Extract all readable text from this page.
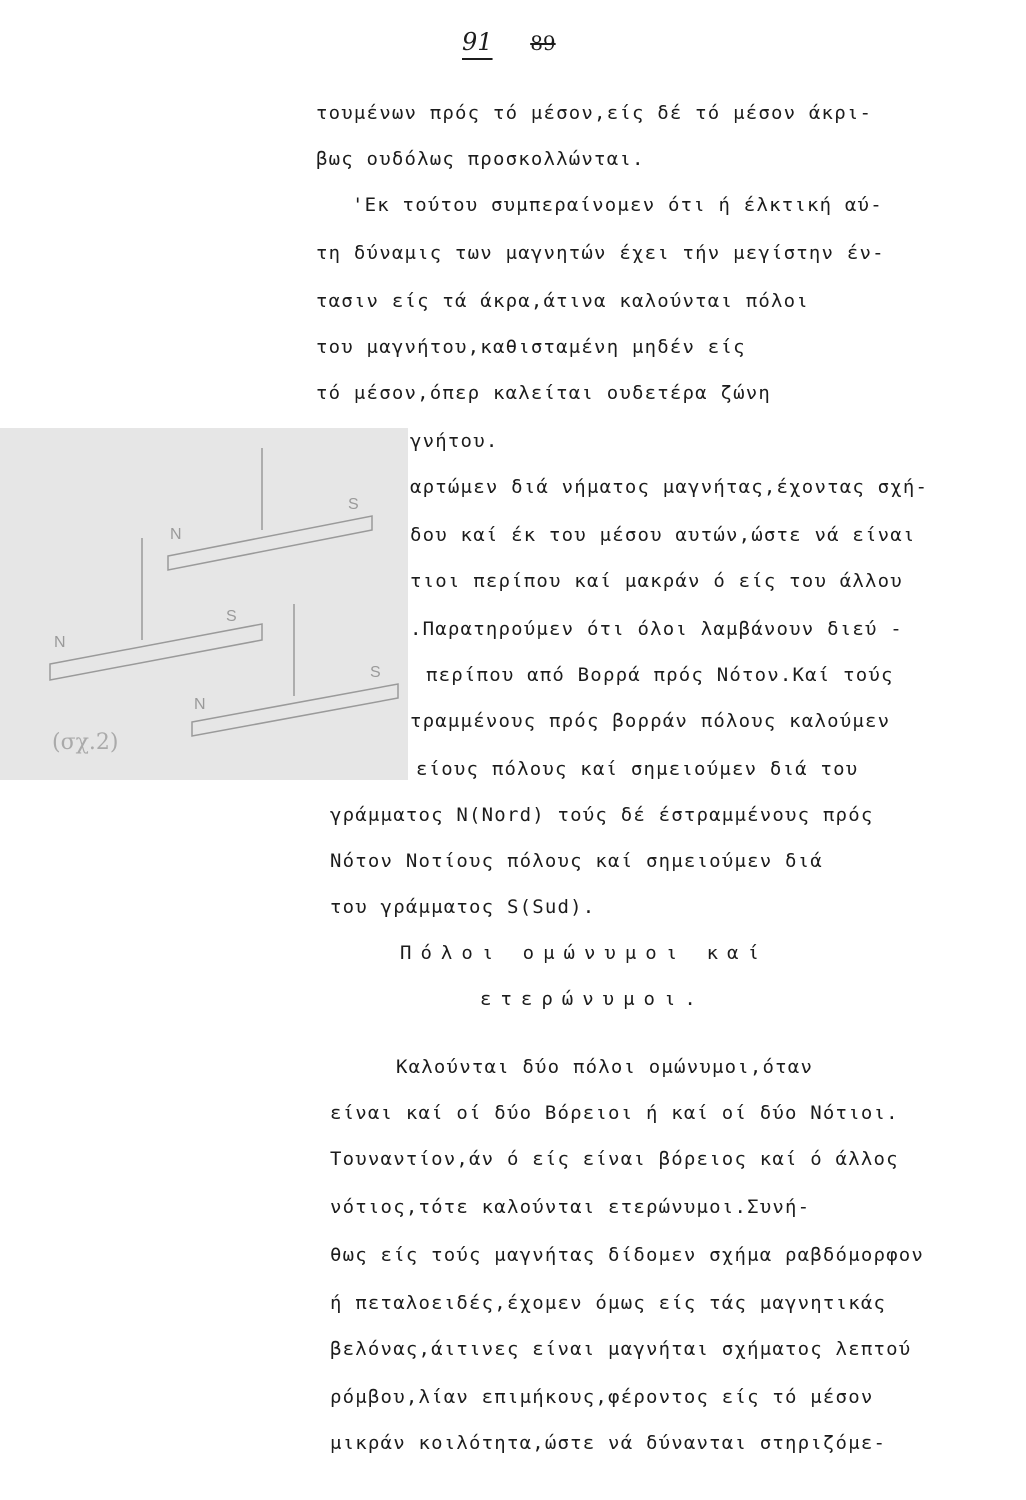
91 89
N
S
N
S
N
S
(σχ.2)
τουμένων πρός τό μέσον,είς δέ τό μέσον άκρι-
βως ουδόλως προσκολλώνται.
'Εκ τούτου συμπεραίνομεν ότι ή έλκτική αύ-
τη δύναμις των μαγνητών έχει τήν μεγίστην έν-
τασιν είς τά άκρα,άτινα καλούνται πόλοι
του μαγνήτου,καθισταμένη μηδέν είς
τό μέσον,όπερ καλείται ουδετέρα ζώνη
γνήτου.
αρτώμεν διά νήματος μαγνήτας,έχοντας σχή-
δου καί έκ του μέσου αυτών,ώστε νά είναι
τιοι περίπου καί μακράν ό είς του άλλου
.Παρατηρούμεν ότι όλοι λαμβάνουν διεύ -
περίπου από Βορρά πρός Νότον.Καί τούς
τραμμένους πρός βορράν πόλους καλούμεν
είους πόλους καί σημειούμεν διά του
γράμματος Ν(Nord) τούς δέ έστραμμένους πρός
Νότον Νοτίους πόλους καί σημειούμεν διά
του γράμματος S(Sud).
Πόλοι ομώνυμοι καί
ετερώνυμοι.
Καλούνται δύο πόλοι ομώνυμοι,όταν
είναι καί οί δύο Βόρειοι ή καί οί δύο Νότιοι.
Τουναντίον,άν ό είς είναι βόρειος καί ό άλλος
νότιος,τότε καλούνται ετερώνυμοι.Συνή-
θως είς τούς μαγνήτας δίδομεν σχήμα ραβδόμορφον
ή πεταλοειδές,έχομεν όμως είς τάς μαγνητικάς
βελόνας,άιτινες είναι μαγνήται σχήματος λεπτού
ρόμβου,λίαν επιμήκους,φέροντος είς τό μέσον
μικράν κοιλότητα,ώστε νά δύνανται στηριζόμε-
